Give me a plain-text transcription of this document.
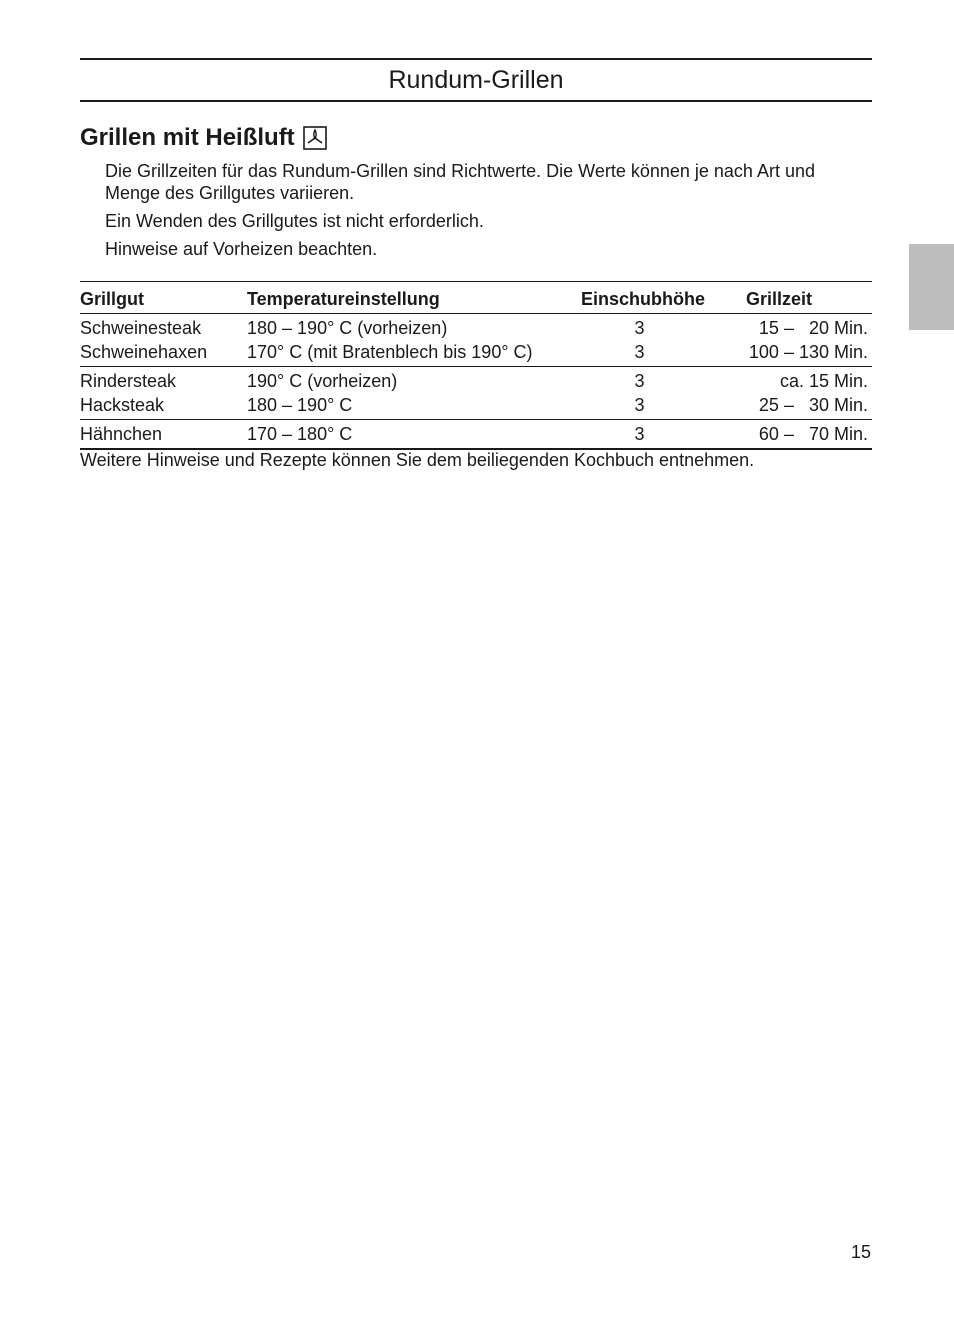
Rundum-Grillen
Grillen mit Heißluft

Die Grillzeiten für das Rundum-Grillen sind Richtwerte. Die Werte können je nach Art und Menge des Grillgutes variieren.

Ein Wenden des Grillgutes ist nicht erforderlich.

Hinweise auf Vorheizen beachten.

Grillgut	Temperatureinstellung	Einschubhöhe	Grillzeit
Schweinesteak	180 – 190° C (vorheizen)	3	15 –   20 Min.
Schweinehaxen	170° C (mit Bratenblech bis 190° C)	3	100 – 130 Min.
Rindersteak	190° C (vorheizen)	3	ca. 15 Min.
Hacksteak	180 – 190° C	3	25 –   30 Min.
Hähnchen	170 – 180° C	3	60 –   70 Min.
Weitere Hinweise und Rezepte können Sie dem beiliegenden Kochbuch entnehmen.
15
